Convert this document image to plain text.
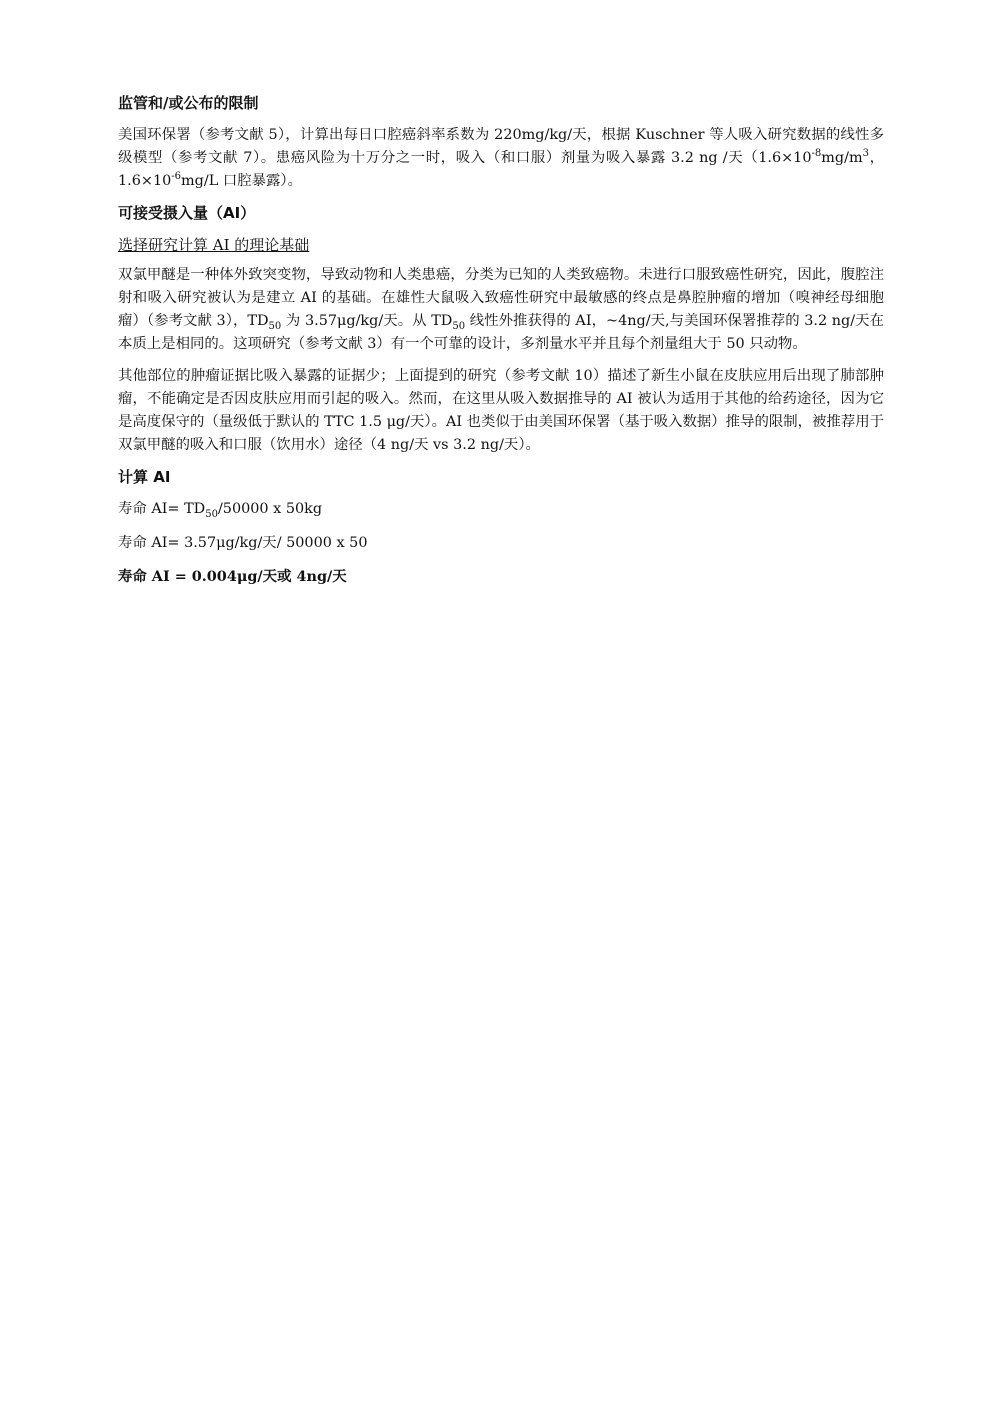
监管和/或公布的限制

美国环保署（参考文献 5），计算出每日口腔癌斜率系数为 220mg/kg/天，根据 Kuschner 等人吸入研究数据的线性多级模型（参考文献 7）。患癌风险为十万分之一时，吸入（和口服）剂量为吸入暴露 3.2 ng /天（$1.6\times 10^{-8}mg/m^3$，$1.6\times 10^{-6}mg/L$ 口腔暴露）。

可接受摄入量（AI）
选择研究计算 AI 的理论基础

双氯甲醚是一种体外致突变物，导致动物和人类患癌，分类为已知的人类致癌物。未进行口服致癌性研究，因此，腹腔注射和吸入研究被认为是建立 AI 的基础。在雄性大鼠吸入致癌性研究中最敏感的终点是鼻腔肿瘤的增加（嗅神经母细胞瘤）（参考文献 3），$TD_{50}$ 为 3.57μg/kg/天。从 $TD_{50}$ 线性外推获得的 AI，~4ng/天,与美国环保署推荐的 3.2 ng/天在本质上是相同的。这项研究（参考文献 3）有一个可靠的设计，多剂量水平并且每个剂量组大于 50 只动物。

其他部位的肿瘤证据比吸入暴露的证据少；上面提到的研究（参考文献 10）描述了新生小鼠在皮肤应用后出现了肺部肿瘤，不能确定是否因皮肤应用而引起的吸入。然而，在这里从吸入数据推导的 AI 被认为适用于其他的给药途径，因为它是高度保守的（量级低于默认的 TTC 1.5 μg/天）。AI 也类似于由美国环保署（基于吸入数据）推导的限制，被推荐用于双氯甲醚的吸入和口服（饮用水）途径（4 ng/天 vs 3.2 ng/天）。

计算 AI
寿命 $AI= TD_{50}/50000$ x 50kg
寿命 AI= 3.57μg/kg/天/ 50000 x 50
寿命 AI = 0.004μg/天或 4ng/天
